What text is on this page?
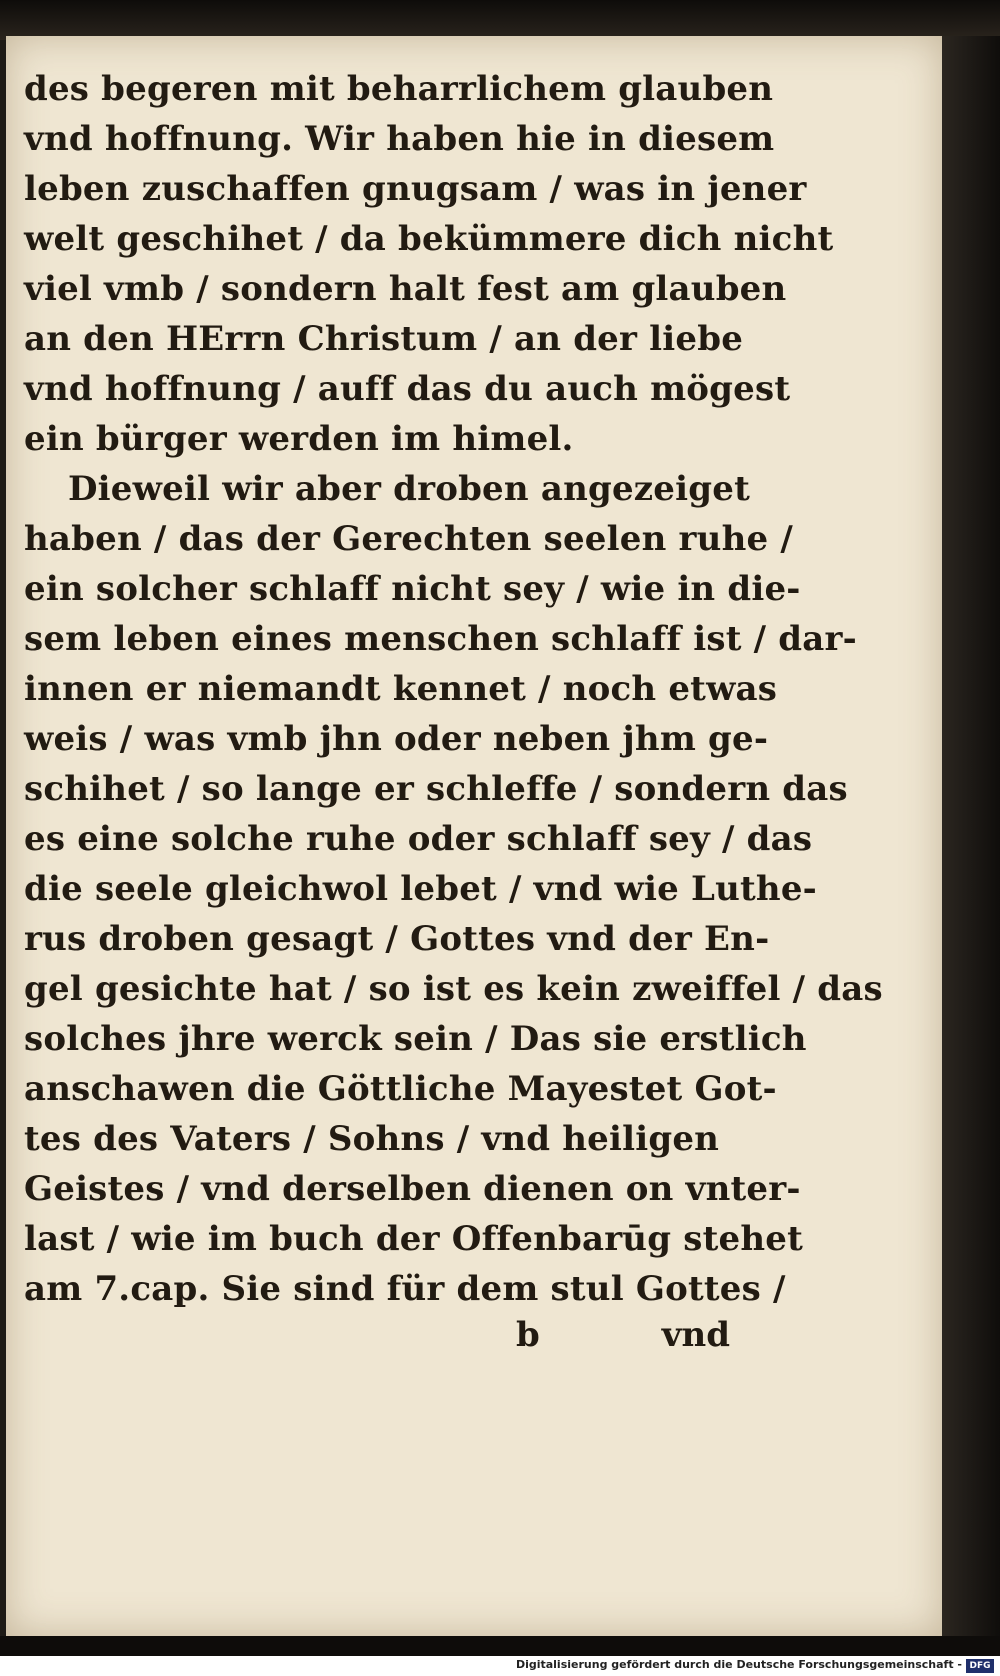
des begeren mit beharrlichem glauben
vnd hoffnung. Wir haben hie in diesem
leben zuschaffen gnugsam / was in jener
welt geschihet / da bekümmere dich nicht
viel vmb / sondern halt fest am glauben
an den HErrn Christum / an der liebe
vnd hoffnung / auff das du auch mögest
ein bürger werden im himel.
Dieweil wir aber droben angezeiget
haben / das der Gerechten seelen ruhe /
ein solcher schlaff nicht sey / wie in die-
sem leben eines menschen schlaff ist / dar-
innen er niemandt kennet / noch etwas
weis / was vmb jhn oder neben jhm ge-
schihet / so lange er schleffe / sondern das
es eine solche ruhe oder schlaff sey / das
die seele gleichwol lebet / vnd wie Luthe-
rus droben gesagt / Gottes vnd der En-
gel gesichte hat / so ist es kein zweiffel / das
solches jhre werck sein / Das sie erstlich
anschawen die Göttliche Mayestet Got-
tes des Vaters / Sohns / vnd heiligen
Geistes / vnd derselben dienen on vnter-
last / wie im buch der Offenbarūg stehet
am 7.cap. Sie sind für dem stul Gottes /
b	vnd
Digitalisierung gefördert durch die Deutsche Forschungsgemeinschaft - DFG
